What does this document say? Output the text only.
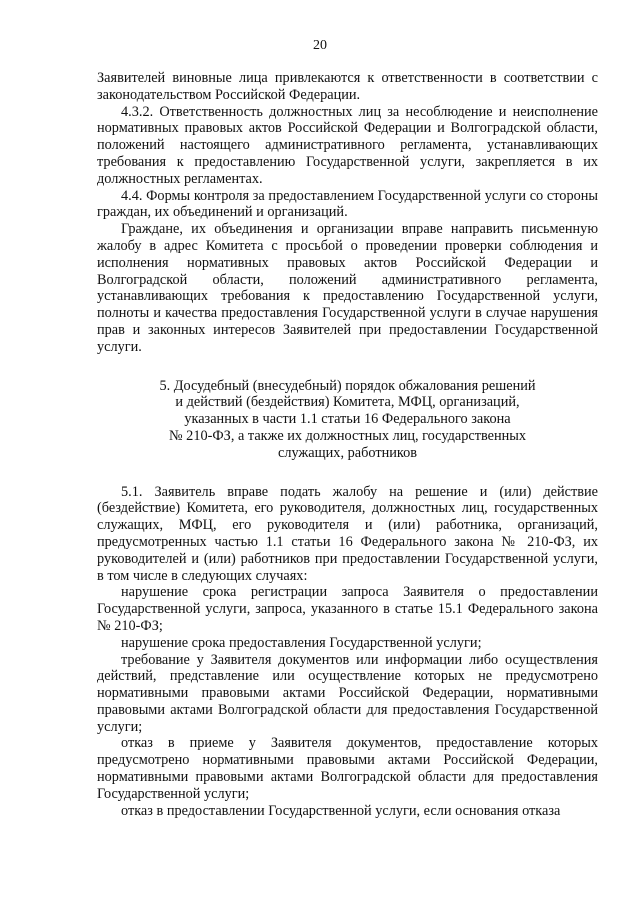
20

Заявителей виновные лица привлекаются к ответственности в соответствии с законодательством Российской Федерации.

4.3.2. Ответственность должностных лиц за несоблюдение и неисполнение нормативных правовых актов Российской Федерации и Волгоградской области, положений настоящего административного регламента, устанавливающих требования к предоставлению Государственной услуги, закрепляется в их должностных регламентах.

4.4. Формы контроля за предоставлением Государственной услуги со стороны граждан, их объединений и организаций.

Граждане, их объединения и организации вправе направить письменную жалобу в адрес Комитета с просьбой о проведении проверки соблюдения и исполнения нормативных правовых актов Российской Федерации и Волгоградской области, положений административного регламента, устанавливающих требования к предоставлению Государственной услуги, полноты и качества предоставления Государственной услуги в случае нарушения прав и законных интересов Заявителей при предоставлении Государственной услуги.

5. Досудебный (внесудебный) порядок обжалования решений
и действий (бездействия) Комитета, МФЦ, организаций,
указанных в части 1.1 статьи 16 Федерального закона
№ 210-ФЗ, а также их должностных лиц, государственных
служащих, работников

5.1. Заявитель вправе подать жалобу на решение и (или) действие (бездействие) Комитета, его руководителя, должностных лиц, государственных служащих, МФЦ, его руководителя и (или) работника, организаций, предусмотренных частью 1.1 статьи 16 Федерального закона № 210-ФЗ, их руководителей и (или) работников при предоставлении Государственной услуги, в том числе в следующих случаях:

нарушение срока регистрации запроса Заявителя о предоставлении Государственной услуги, запроса, указанного в статье 15.1 Федерального закона № 210-ФЗ;

нарушение срока предоставления Государственной услуги;

требование у Заявителя документов или информации либо осуществления действий, представление или осуществление которых не предусмотрено нормативными правовыми актами Российской Федерации, нормативными правовыми актами Волгоградской области для предоставления Государственной услуги;

отказ в приеме у Заявителя документов, предоставление которых предусмотрено нормативными правовыми актами Российской Федерации, нормативными правовыми актами Волгоградской области для предоставления Государственной услуги;

отказ в предоставлении Государственной услуги, если основания отказа
